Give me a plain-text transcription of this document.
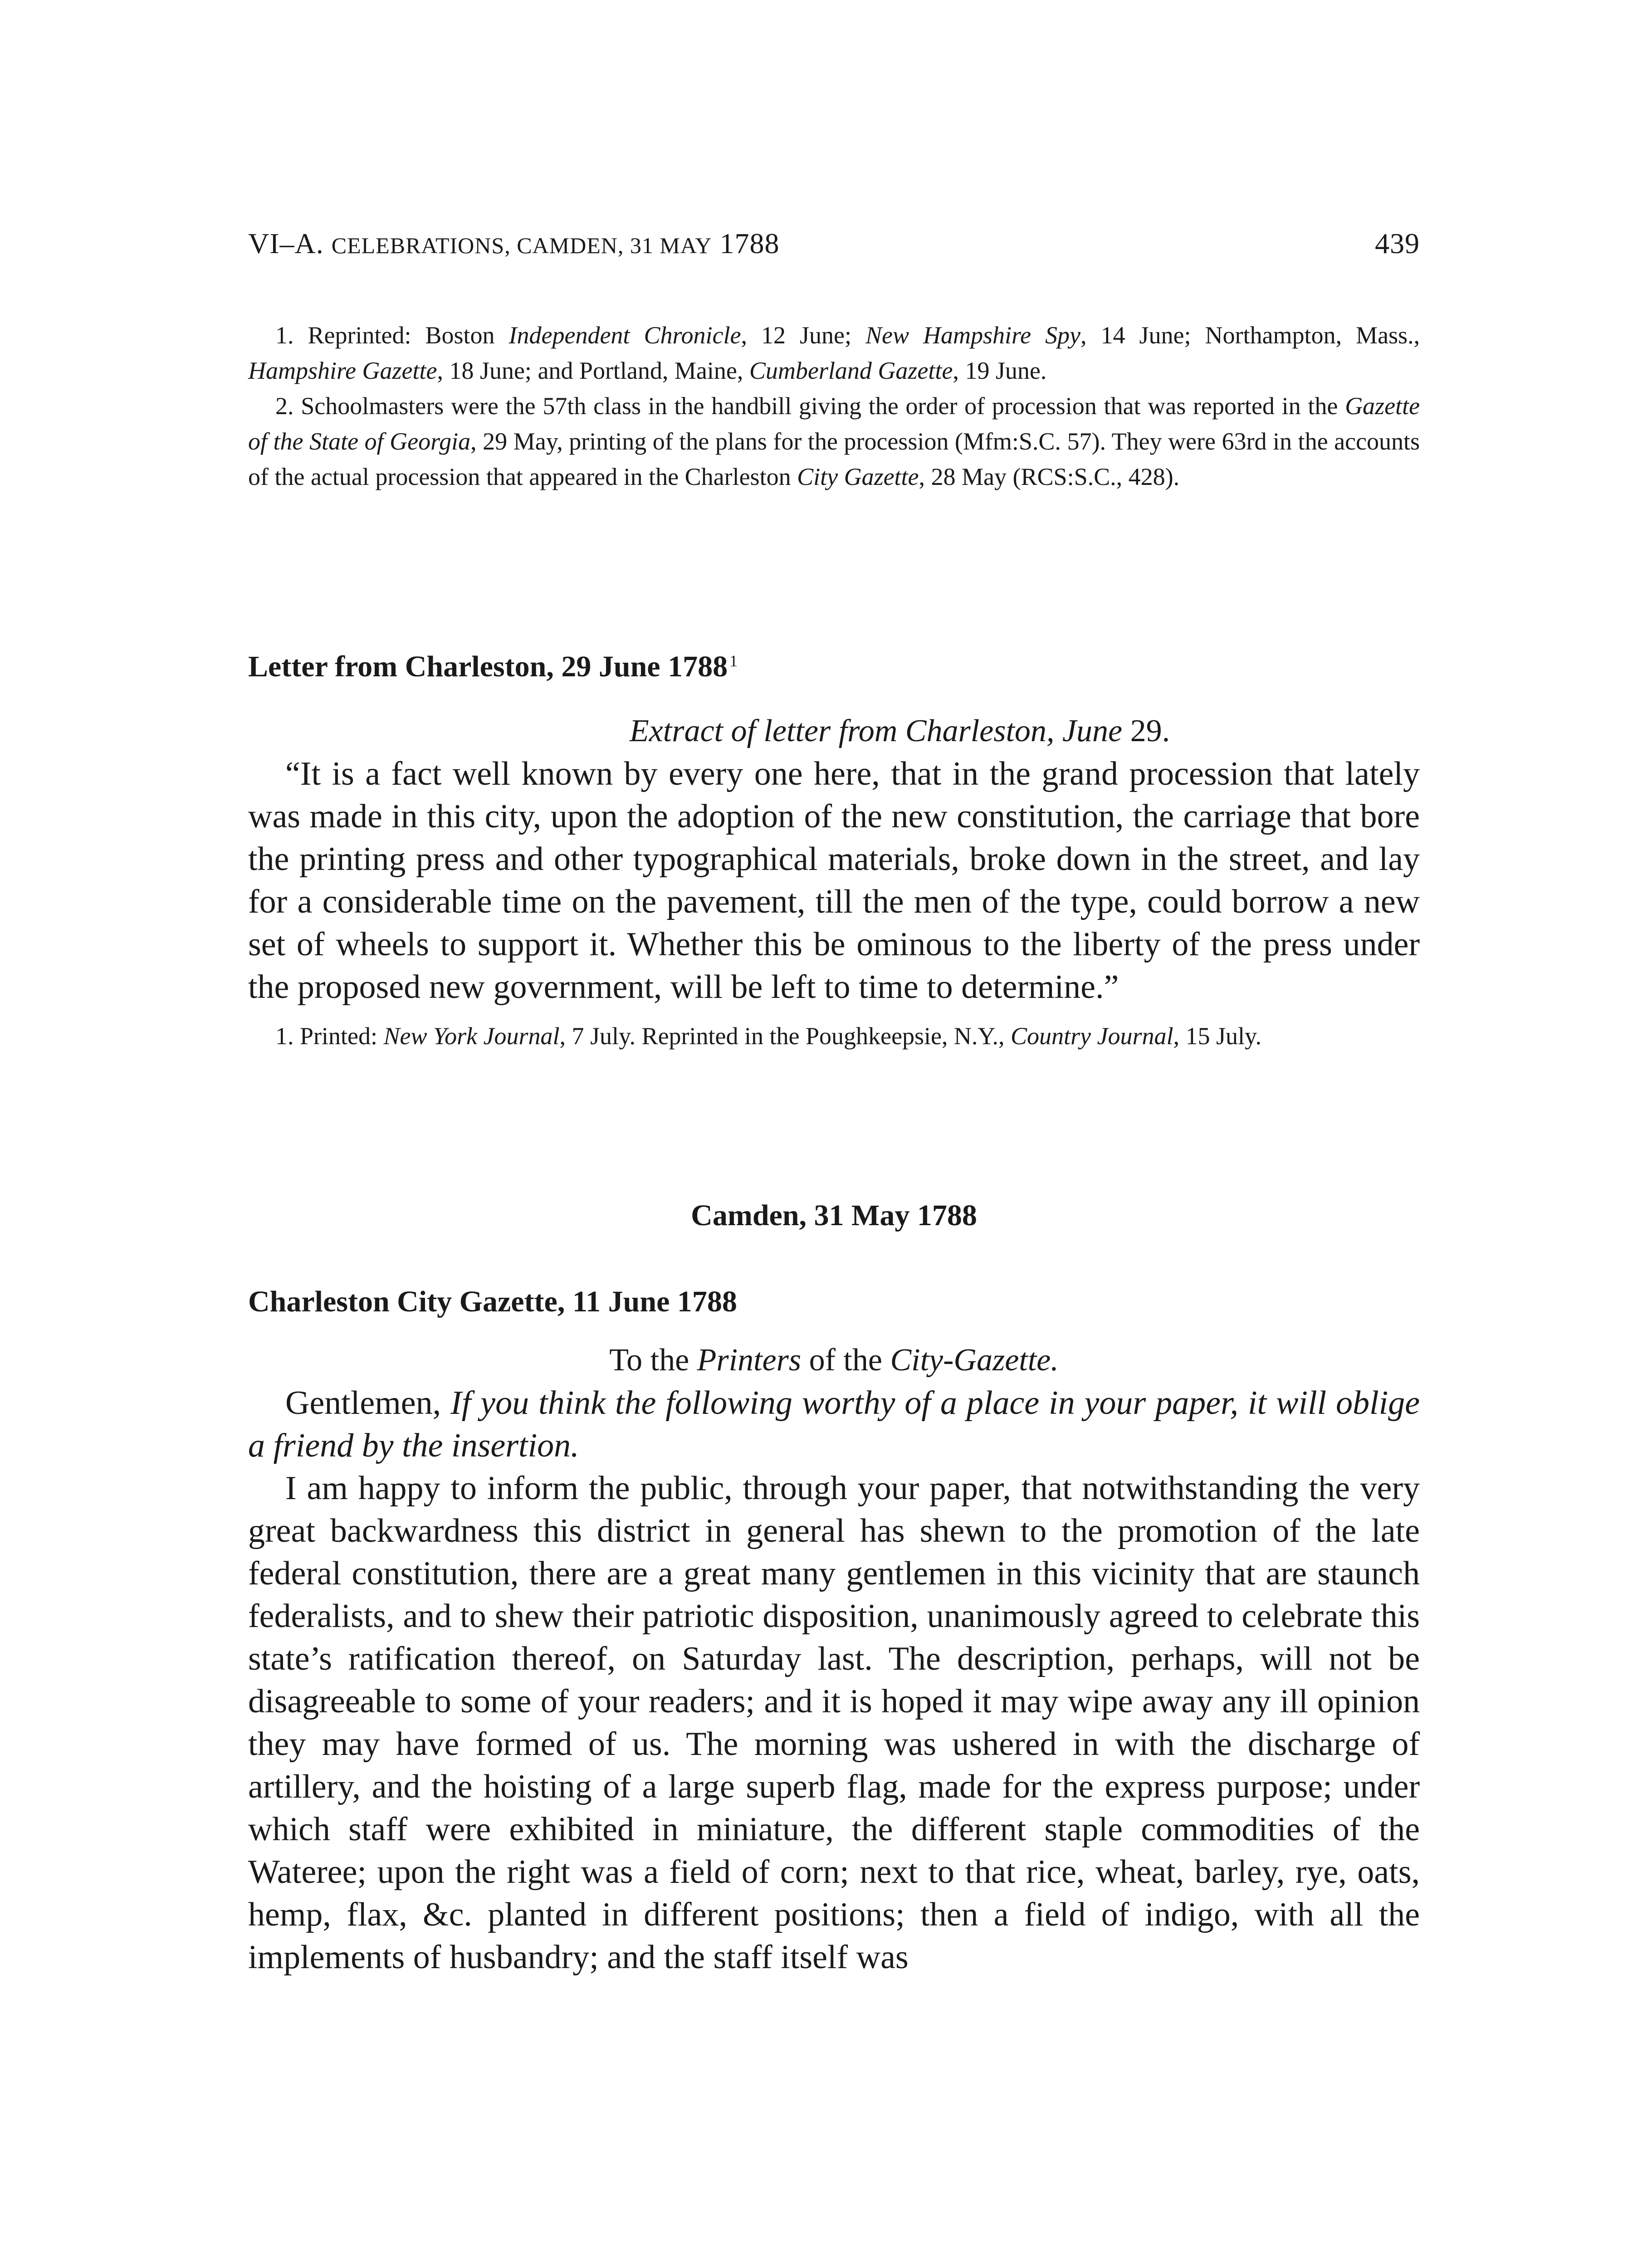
VI–A. CELEBRATIONS, CAMDEN, 31 MAY 1788	439

1. Reprinted: Boston Independent Chronicle, 12 June; New Hampshire Spy, 14 June; Northampton, Mass., Hampshire Gazette, 18 June; and Portland, Maine, Cumberland Gazette, 19 June.

2. Schoolmasters were the 57th class in the handbill giving the order of procession that was reported in the Gazette of the State of Georgia, 29 May, printing of the plans for the procession (Mfm:S.C. 57). They were 63rd in the accounts of the actual procession that appeared in the Charleston City Gazette, 28 May (RCS:S.C., 428).

Letter from Charleston, 29 June 1788 $^1$

Extract of letter from Charleston, June 29.

“It is a fact well known by every one here, that in the grand procession that lately was made in this city, upon the adoption of the new constitution, the carriage that bore the printing press and other typographical materials, broke down in the street, and lay for a considerable time on the pavement, till the men of the type, could borrow a new set of wheels to support it. Whether this be ominous to the liberty of the press under the proposed new government, will be left to time to determine.”

1. Printed: New York Journal, 7 July. Reprinted in the Poughkeepsie, N.Y., Country Journal, 15 July.

Camden, 31 May 1788
Charleston City Gazette, 11 June 1788

To the Printers of the City-Gazette.

Gentlemen, If you think the following worthy of a place in your paper, it will oblige a friend by the insertion.

I am happy to inform the public, through your paper, that notwithstanding the very great backwardness this district in general has shewn to the promotion of the late federal constitution, there are a great many gentlemen in this vicinity that are staunch federalists, and to shew their patriotic disposition, unanimously agreed to celebrate this state’s ratification thereof, on Saturday last. The description, perhaps, will not be disagreeable to some of your readers; and it is hoped it may wipe away any ill opinion they may have formed of us. The morning was ushered in with the discharge of artillery, and the hoisting of a large superb flag, made for the express purpose; under which staff were exhibited in miniature, the different staple commodities of the Wateree; upon the right was a field of corn; next to that rice, wheat, barley, rye, oats, hemp, flax, &c. planted in different positions; then a field of indigo, with all the implements of husbandry; and the staff itself was
